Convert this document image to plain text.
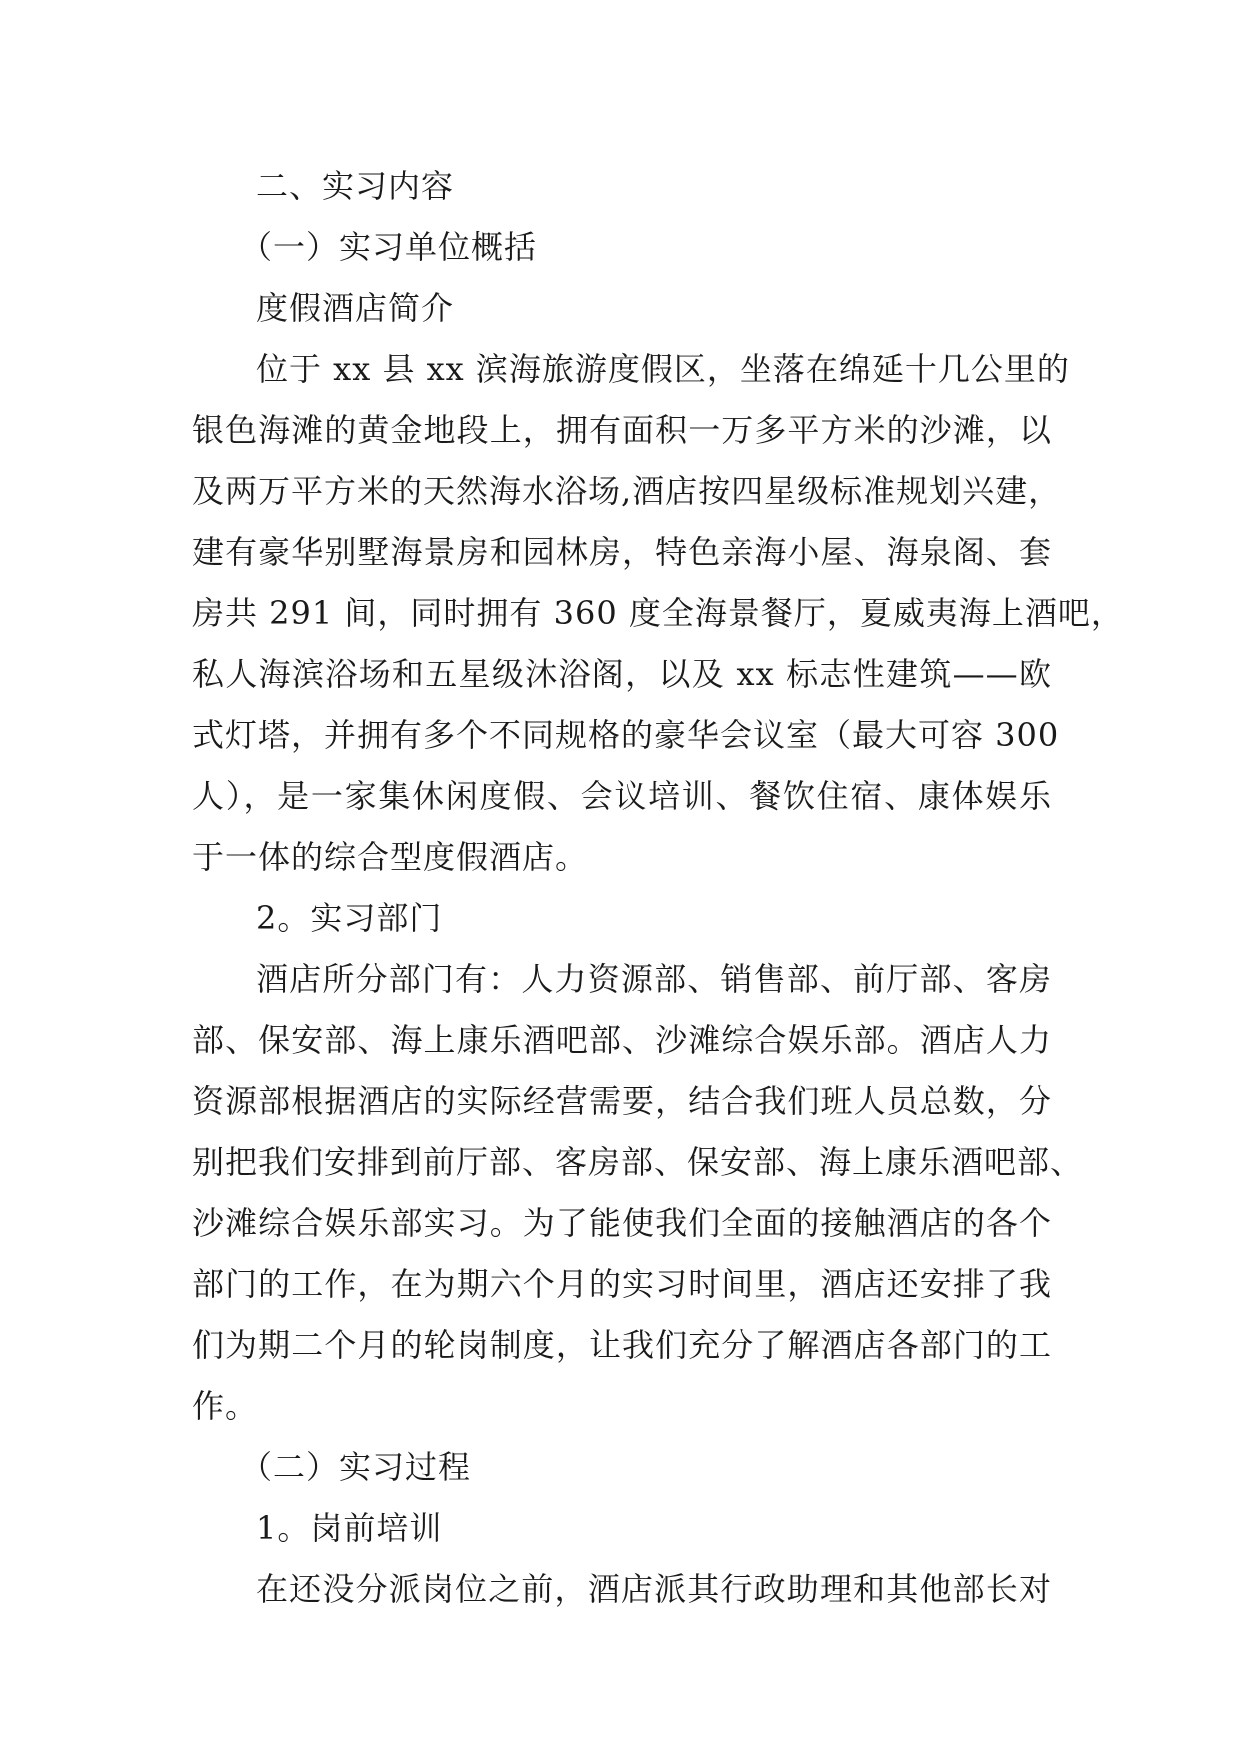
二、实习内容
（一）实习单位概括
度假酒店简介
位于 xx 县 xx 滨海旅游度假区，坐落在绵延十几公里的
银色海滩的黄金地段上，拥有面积一万多平方米的沙滩，以
及两万平方米的天然海水浴场,酒店按四星级标准规划兴建，
建有豪华别墅海景房和园林房，特色亲海小屋、海泉阁、套
房共 291 间，同时拥有 360 度全海景餐厅，夏威夷海上酒吧，
私人海滨浴场和五星级沐浴阁，以及 xx 标志性建筑——欧
式灯塔，并拥有多个不同规格的豪华会议室（最大可容 300
人），是一家集休闲度假、会议培训、餐饮住宿、康体娱乐
于一体的综合型度假酒店。
2。实习部门
酒店所分部门有：人力资源部、销售部、前厅部、客房
部、保安部、海上康乐酒吧部、沙滩综合娱乐部。酒店人力
资源部根据酒店的实际经营需要，结合我们班人员总数，分
别把我们安排到前厅部、客房部、保安部、海上康乐酒吧部、
沙滩综合娱乐部实习。为了能使我们全面的接触酒店的各个
部门的工作，在为期六个月的实习时间里，酒店还安排了我
们为期二个月的轮岗制度，让我们充分了解酒店各部门的工
作。
（二）实习过程
1。岗前培训
在还没分派岗位之前，酒店派其行政助理和其他部长对
